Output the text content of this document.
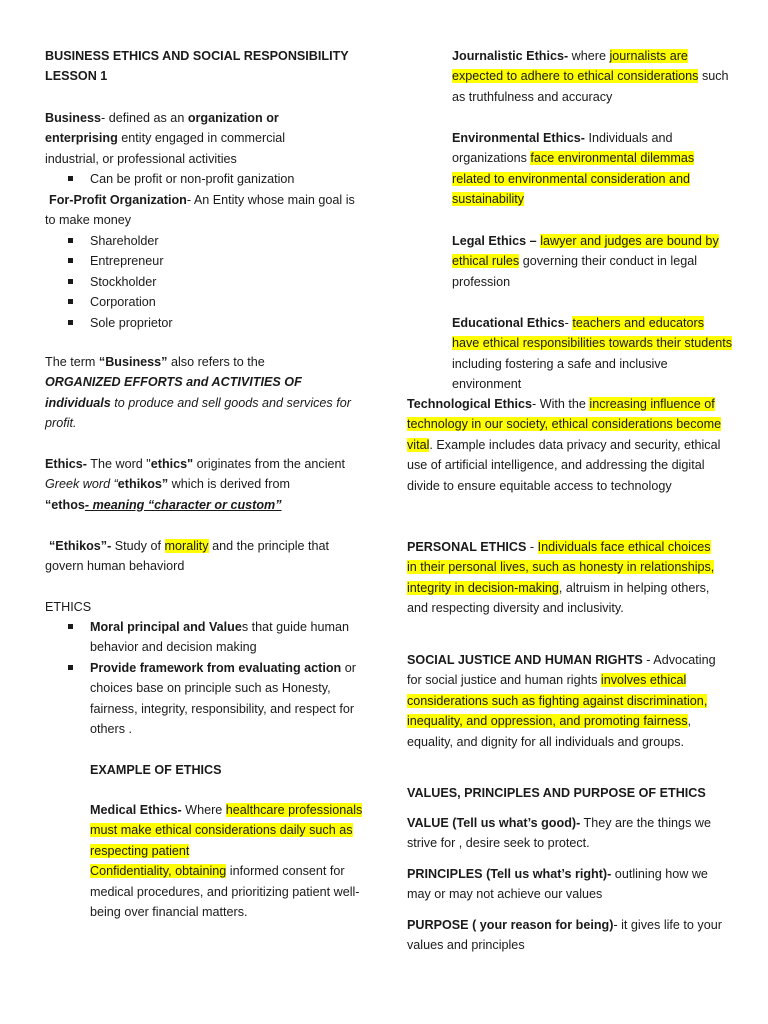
BUSINESS ETHICS AND SOCIAL RESPONSIBILITY
LESSON 1
Business- defined as an organization or enterprising entity engaged in commercial industrial, or professional activities
Can be profit or non-profit ganization
For-Profit Organization- An Entity whose main goal is to make money
Shareholder
Entrepreneur
Stockholder
Corporation
Sole proprietor
The term “Business” also refers to the
ORGANIZED EFFORTS and ACTIVITIES OF individuals to produce and sell goods and services for profit.
Ethics- The word "ethics" originates from the ancient Greek word “ethikos” which is derived from
“ethos- meaning “character or custom”
“Ethikos”- Study of morality and the principle that govern human behaviord
ETHICS
Moral principal and Values that guide human behavior and decision making
Provide framework from evaluating action or choices base on principle such as Honesty, fairness, integrity, responsibility, and respect for others .
EXAMPLE OF ETHICS
Medical Ethics- Where healthcare professionals must make ethical considerations daily such as respecting patient
Confidentiality, obtaining informed consent for medical procedures, and prioritizing patient well-being over financial matters.
Journalistic Ethics- where journalists are expected to adhere to ethical considerations such as truthfulness and accuracy
Environmental Ethics- Individuals and organizations face environmental dilemmas related to environmental consideration and sustainability
Legal Ethics – lawyer and judges are bound by ethical rules governing their conduct in legal profession
Educational Ethics- teachers and educators have ethical responsibilities towards their students including fostering a safe and inclusive environment
Technological Ethics- With the increasing influence of technology in our society, ethical considerations become vital. Example includes data privacy and security, ethical use of artificial intelligence, and addressing the digital divide to ensure equitable access to technology
PERSONAL ETHICS - Individuals face ethical choices in their personal lives, such as honesty in relationships, integrity in decision-making, altruism in helping others, and respecting diversity and inclusivity.
SOCIAL JUSTICE AND HUMAN RIGHTS - Advocating for social justice and human rights involves ethical considerations such as fighting against discrimination, inequality, and oppression, and promoting fairness, equality, and dignity for all individuals and groups.
VALUES, PRINCIPLES AND PURPOSE OF ETHICS
VALUE (Tell us what’s good)- They are the things we strive for , desire seek to protect.
PRINCIPLES (Tell us what’s right)- outlining how we may or may not achieve our values
PURPOSE ( your reason for being)- it gives life to your values and principles
